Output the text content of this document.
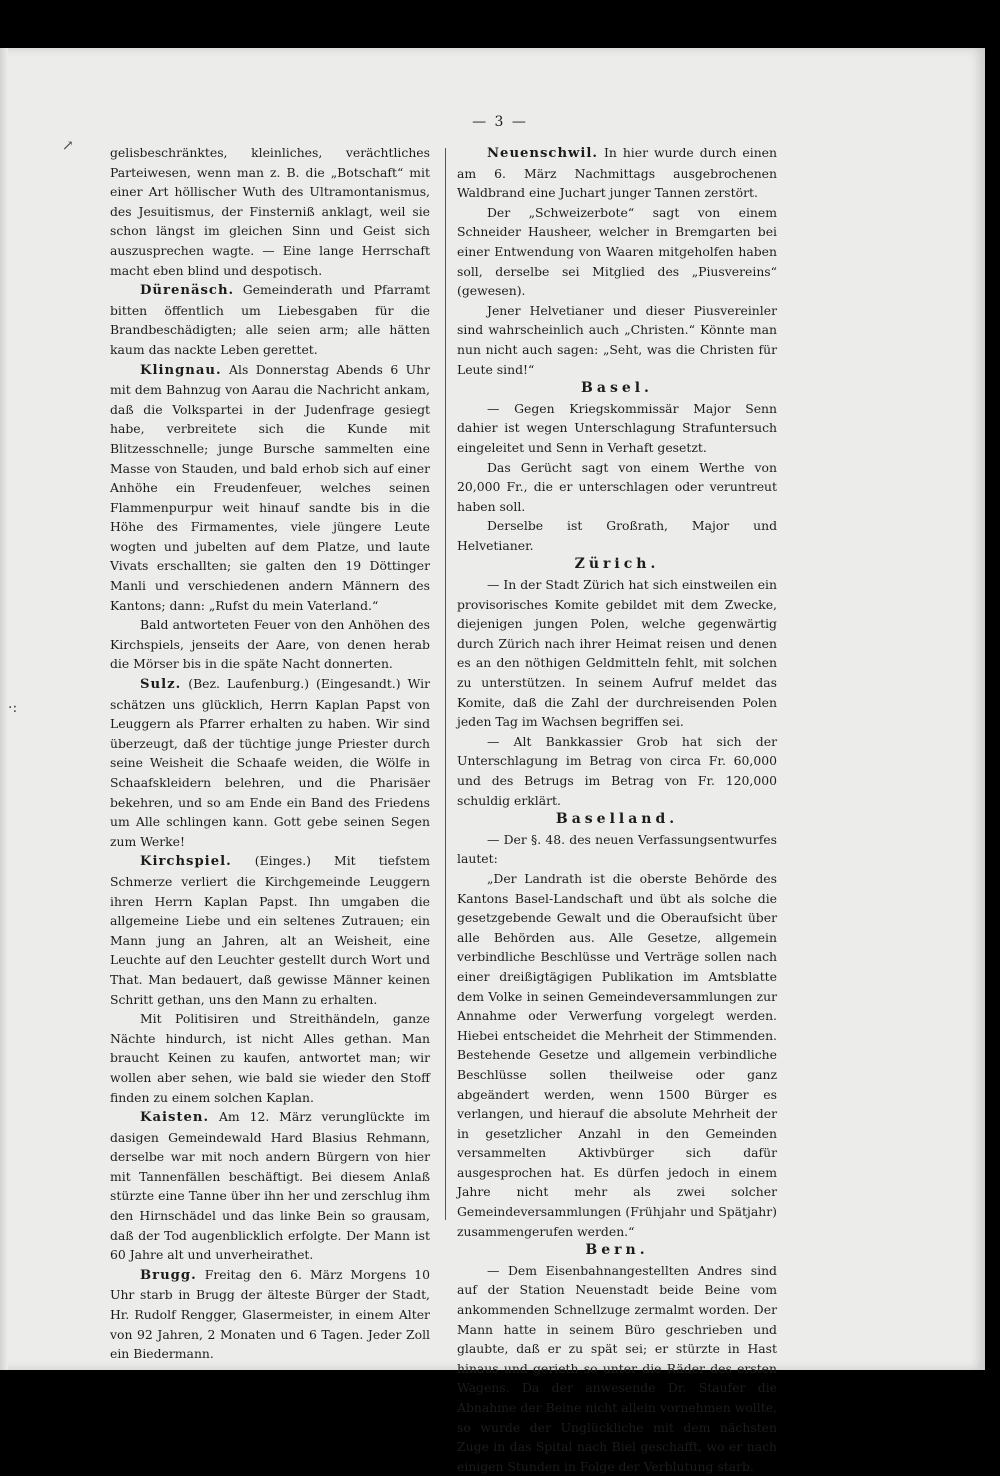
↗
·:
— 3 —

gelisbeschränktes, kleinliches, verächtliches Parteiwesen, wenn man z. B. die „Botschaft“ mit einer Art höllischer Wuth des Ultramontanismus, des Jesuitismus, der Finsterniß anklagt, weil sie schon längst im gleichen Sinn und Geist sich auszusprechen wagte. — Eine lange Herrschaft macht eben blind und despotisch.

Dürenäsch. Gemeinderath und Pfarramt bitten öffentlich um Liebesgaben für die Brandbeschädigten; alle seien arm; alle hätten kaum das nackte Leben gerettet.

Klingnau. Als Donnerstag Abends 6 Uhr mit dem Bahnzug von Aarau die Nachricht ankam, daß die Volkspartei in der Judenfrage gesiegt habe, verbreitete sich die Kunde mit Blitzesschnelle; junge Bursche sammelten eine Masse von Stauden, und bald erhob sich auf einer Anhöhe ein Freudenfeuer, welches seinen Flammenpurpur weit hinauf sandte bis in die Höhe des Firmamentes, viele jüngere Leute wogten und jubelten auf dem Platze, und laute Vivats erschallten; sie galten den 19 Döttinger Manli und verschiedenen andern Männern des Kantons; dann: „Rufst du mein Vaterland.“

Bald antworteten Feuer von den Anhöhen des Kirchspiels, jenseits der Aare, von denen herab die Mörser bis in die späte Nacht donnerten.

Sulz. (Bez. Laufenburg.) (Eingesandt.) Wir schätzen uns glücklich, Herrn Kaplan Papst von Leuggern als Pfarrer erhalten zu haben. Wir sind überzeugt, daß der tüchtige junge Priester durch seine Weisheit die Schaafe weiden, die Wölfe in Schaafskleidern belehren, und die Pharisäer bekehren, und so am Ende ein Band des Friedens um Alle schlingen kann. Gott gebe seinen Segen zum Werke!

Kirchspiel. (Einges.) Mit tiefstem Schmerze verliert die Kirchgemeinde Leuggern ihren Herrn Kaplan Papst. Ihn umgaben die allgemeine Liebe und ein seltenes Zutrauen; ein Mann jung an Jahren, alt an Weisheit, eine Leuchte auf den Leuchter gestellt durch Wort und That. Man bedauert, daß gewisse Männer keinen Schritt gethan, uns den Mann zu erhalten.

Mit Politisiren und Streithändeln, ganze Nächte hindurch, ist nicht Alles gethan. Man braucht Keinen zu kaufen, antwortet man; wir wollen aber sehen, wie bald sie wieder den Stoff finden zu einem solchen Kaplan.

Kaisten. Am 12. März verunglückte im dasigen Gemeindewald Hard Blasius Rehmann, derselbe war mit noch andern Bürgern von hier mit Tannenfällen beschäftigt. Bei diesem Anlaß stürzte eine Tanne über ihn her und zerschlug ihm den Hirnschädel und das linke Bein so grausam, daß der Tod augenblicklich erfolgte. Der Mann ist 60 Jahre alt und unverheirathet.

Brugg. Freitag den 6. März Morgens 10 Uhr starb in Brugg der älteste Bürger der Stadt, Hr. Rudolf Rengger, Glasermeister, in einem Alter von 92 Jahren, 2 Monaten und 6 Tagen. Jeder Zoll ein Biedermann.

Neuenschwil. In hier wurde durch einen am 6. März Nachmittags ausgebrochenen Waldbrand eine Juchart junger Tannen zerstört.

Der „Schweizerbote“ sagt von einem Schneider Hausheer, welcher in Bremgarten bei einer Entwendung von Waaren mitgeholfen haben soll, derselbe sei Mitglied des „Piusvereins“ (gewesen).

Jener Helvetianer und dieser Piusvereinler sind wahrscheinlich auch „Christen.“ Könnte man nun nicht auch sagen: „Seht, was die Christen für Leute sind!“

Basel.

— Gegen Kriegskommissär Major Senn dahier ist wegen Unterschlagung Strafuntersuch eingeleitet und Senn in Verhaft gesetzt.

Das Gerücht sagt von einem Werthe von 20,000 Fr., die er unterschlagen oder veruntreut haben soll.

Derselbe ist Großrath, Major und Helvetianer.

Zürich.

— In der Stadt Zürich hat sich einstweilen ein provisorisches Komite gebildet mit dem Zwecke, diejenigen jungen Polen, welche gegenwärtig durch Zürich nach ihrer Heimat reisen und denen es an den nöthigen Geldmitteln fehlt, mit solchen zu unterstützen. In seinem Aufruf meldet das Komite, daß die Zahl der durchreisenden Polen jeden Tag im Wachsen begriffen sei.

— Alt Bankkassier Grob hat sich der Unterschlagung im Betrag von circa Fr. 60,000 und des Betrugs im Betrag von Fr. 120,000 schuldig erklärt.

Baselland.

— Der §. 48. des neuen Verfassungsentwurfes lautet:

„Der Landrath ist die oberste Behörde des Kantons Basel-Landschaft und übt als solche die gesetzgebende Gewalt und die Oberaufsicht über alle Behörden aus. Alle Gesetze, allgemein verbindliche Beschlüsse und Verträge sollen nach einer dreißigtägigen Publikation im Amtsblatte dem Volke in seinen Gemeindeversammlungen zur Annahme oder Verwerfung vorgelegt werden. Hiebei entscheidet die Mehrheit der Stimmenden. Bestehende Gesetze und allgemein verbindliche Beschlüsse sollen theilweise oder ganz abgeändert werden, wenn 1500 Bürger es verlangen, und hierauf die absolute Mehrheit der in gesetzlicher Anzahl in den Gemeinden versammelten Aktivbürger sich dafür ausgesprochen hat. Es dürfen jedoch in einem Jahre nicht mehr als zwei solcher Gemeindeversammlungen (Frühjahr und Spätjahr) zusammengerufen werden.“

Bern.

— Dem Eisenbahnangestellten Andres sind auf der Station Neuenstadt beide Beine vom ankommenden Schnellzuge zermalmt worden. Der Mann hatte in seinem Büro geschrieben und glaubte, daß er zu spät sei; er stürzte in Hast hinaus und gerieth so unter die Räder des ersten Wagens. Da der anwesende Dr. Staufer die Abnahme der Beine nicht allein vornehmen wollte, so wurde der Unglückliche mit dem nächsten Zuge in das Spital nach Biel geschafft, wo er nach einigen Stunden in Folge der Verblutung starb.
